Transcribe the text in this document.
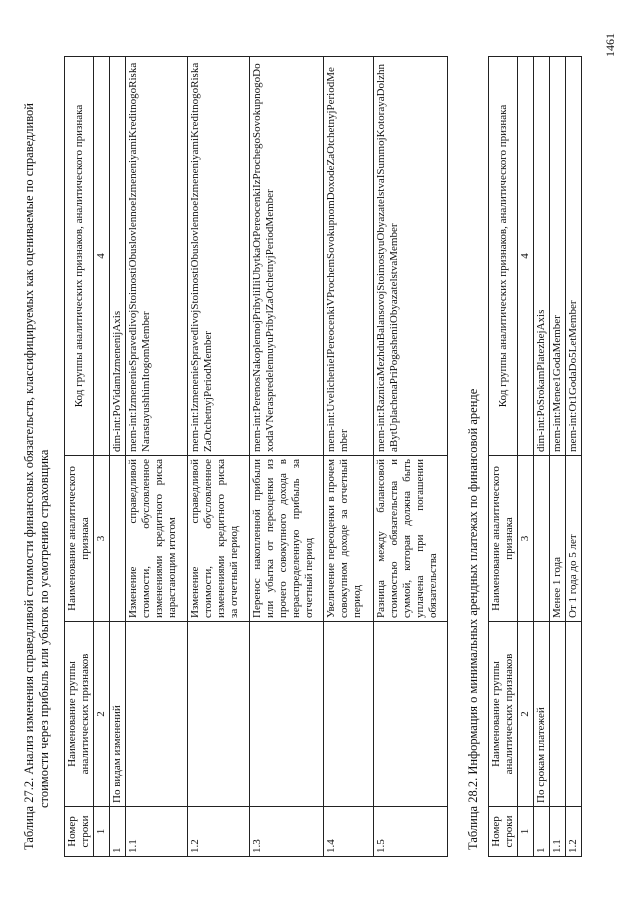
Таблица 27.2. Анализ изменения справедливой стоимости финансовых обязательств, классифицируемых как оцениваемые по справедливой стоимости через прибыль или убыток по усмотрению страховщика
Номер строки	Наименование группы аналитических признаков	Наименование аналитического признака	Код группы аналитических признаков, аналитического признака
1	2	3	4
1	По видам изменений		dim-int:PoVidamIzmenenijAxis
1.1		Изменение справедливой стоимости, обусловленное изменениями кредитного риска нарастающим итогом	mem-int:IzmenenieSpravedlivojStoimostiObuslovlennoeIzmeneniyamiKreditnogoRiskaNarastayushhimItogomMember
1.2		Изменение справедливой стоимости, обусловленное изменениями кредитного риска за отчетный период	mem-int:IzmenenieSpravedlivojStoimostiObuslovlennoeIzmeneniyamiKreditnogoRiskaZaOtchetnyjPeriodMember
1.3		Перенос накопленной прибыли или убытка от переоценки из прочего совокупного дохода в нераспределенную прибыль за отчетный период	mem-int:PerenosNakoplennojPribyliIliUbytkaOtPereocenkiIzProchegoSovokupnogoDoxodaVNeraspredelennuyuPribylZaOtchetnyjPeriodMember
1.4		Увеличение переоценки в прочем совокупном доходе за отчетный период	mem-int:UvelichenieIPereocenkiVProchemSovokupnomDoxodeZaOtchetnyjPeriodMember
1.5		Разница между балансовой стоимостью обязательства и суммой, которая должна быть уплачена при погашении обязательства	mem-int:RaznicaMezhduBalansovojStoimostyuObyazatelstvaISummojKotorayaDolzhnaBytUplachenaPriPogasheniiObyazatelstvaMember
Таблица 28.2. Информация о минимальных арендных платежах по финансовой аренде Номер строки	Наименование группы аналитических признаков	Наименование аналитического признака	Код группы аналитических признаков, аналитического признака
1	2	3	4
1	По срокам платежей		dim-int:PoSrokamPlatezhejAxis
1.1		Менее 1 года	mem-int:Menee1GodaMember
1.2		От 1 года до 5 лет	mem-int:Ot1GodaDo5LetMember
1461
